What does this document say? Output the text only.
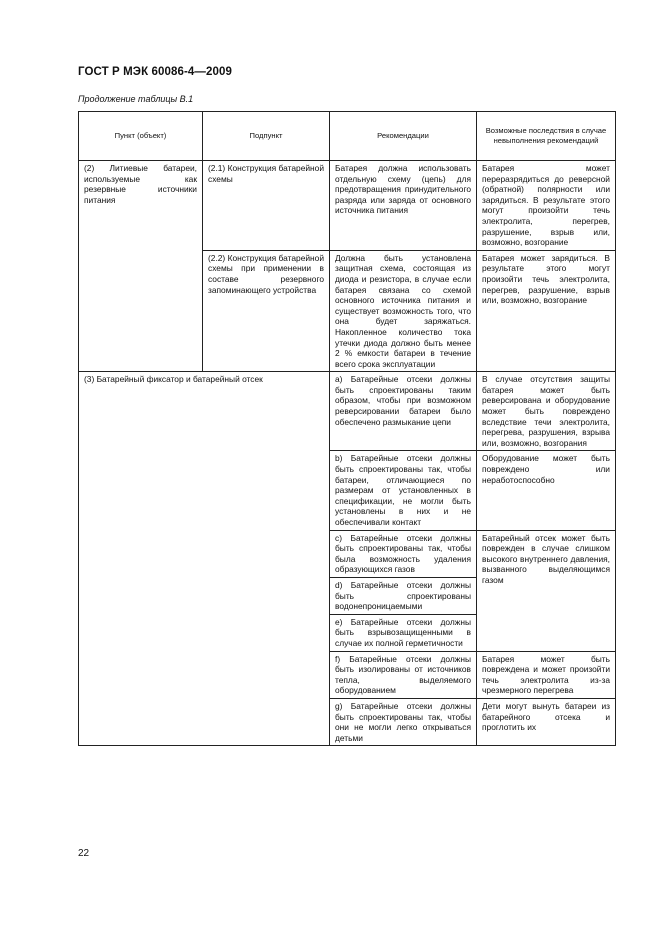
ГОСТ Р МЭК 60086-4—2009
Продолжение таблицы В.1
Пункт (объект)	Подпункт	Рекомендации	Возможные последствия в случае невыполнения рекомендаций
(2) Литиевые батареи, используемые как резервные источники питания	(2.1) Конструкция батарейной схемы	Батарея должна использовать отдельную схему (цепь) для предотвращения принудительного разряда или заряда от основного источника питания	Батарея может переразрядиться до реверсной (обратной) полярности или зарядиться. В результате этого могут произойти течь электролита, перегрев, разрушение, взрыв или, возможно, возгорание
	(2.2) Конструкция батарейной схемы при применении в составе резервного запоминающего устройства	Должна быть установлена защитная схема, состоящая из диода и резистора, в случае если батарея связана со схемой основного источника питания и существует возможность того, что она будет заряжаться. Накопленное количество тока утечки диода должно быть менее 2 % емкости батареи в течение всего срока эксплуатации	Батарея может зарядиться. В результате этого могут произойти течь электролита, перегрев, разрушение, взрыв или, возможно, возгорание
(3) Батарейный фиксатор и батарейный отсек		a) Батарейные отсеки должны быть спроектированы таким образом, чтобы при возможном реверсировании батареи было обеспечено размыкание цепи	В случае отсутствия защиты батарея может быть реверсирована и оборудование может быть повреждено вследствие течи электролита, перегрева, разрушения, взрыва или, возможно, возгорания
		b) Батарейные отсеки должны быть спроектированы так, чтобы батареи, отличающиеся по размерам от установленных в спецификации, не могли быть установлены в них и не обеспечивали контакт	Оборудование может быть повреждено или неработоспособно
		c) Батарейные отсеки должны быть спроектированы так, чтобы была возможность удаления образующихся газов	Батарейный отсек может быть поврежден в случае слишком высокого внутреннего давления, вызванного выделяющимся газом
		d) Батарейные отсеки должны быть спроектированы водонепроницаемыми	
		e) Батарейные отсеки должны быть взрывозащищенными в случае их полной герметичности	
		f) Батарейные отсеки должны быть изолированы от источников тепла, выделяемого оборудованием	Батарея может быть повреждена и может произойти течь электролита из-за чрезмерного перегрева
		g) Батарейные отсеки должны быть спроектированы так, чтобы они не могли легко открываться детьми	Дети могут вынуть батареи из батарейного отсека и проглотить их
22
